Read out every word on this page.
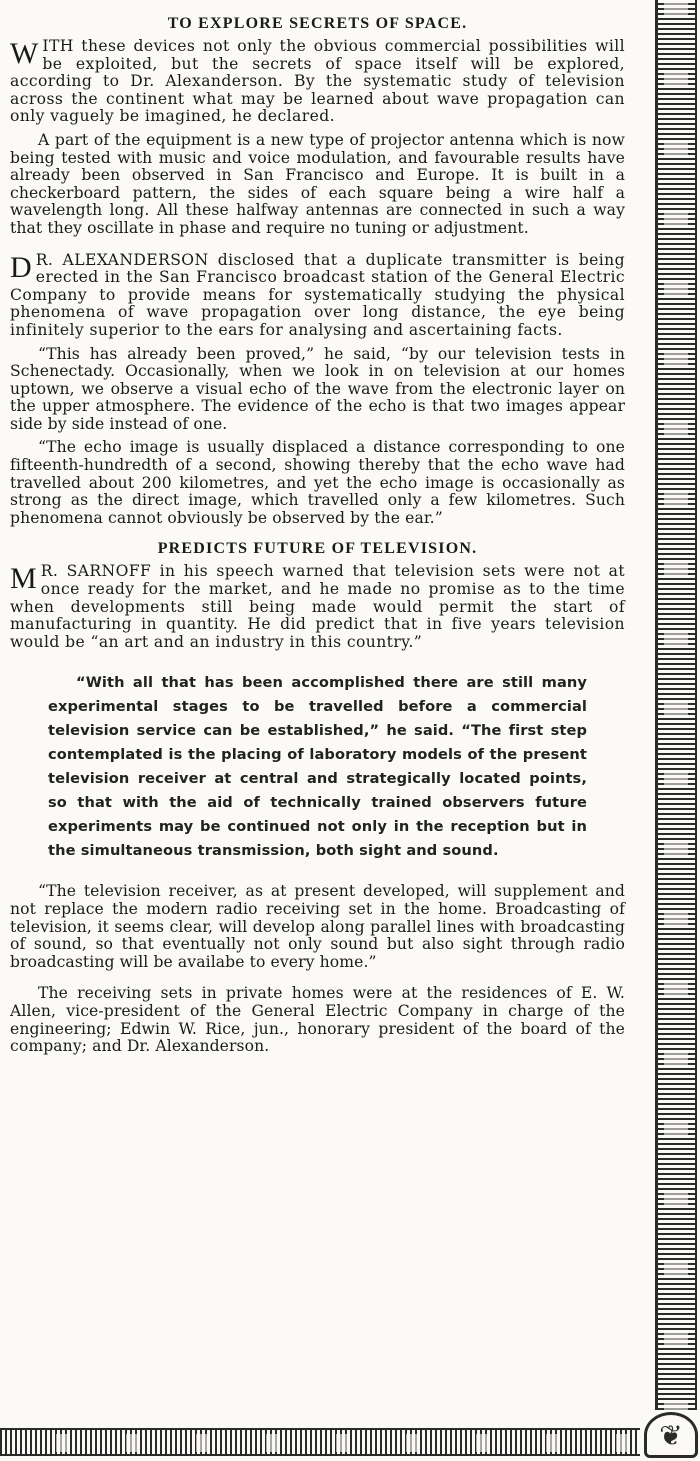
TO EXPLORE SECRETS OF SPACE.

WITH these devices not only the obvious commercial possibilities will be exploited, but the secrets of space itself will be explored, according to Dr. Alexanderson. By the systematic study of television across the continent what may be learned about wave propagation can only vaguely be imagined, he declared.

A part of the equipment is a new type of projector antenna which is now being tested with music and voice modulation, and favourable results have already been observed in San Francisco and Europe. It is built in a checkerboard pattern, the sides of each square being a wire half a wavelength long. All these halfway antennas are connected in such a way that they oscillate in phase and require no tuning or adjustment.

D R. ALEXANDERSON disclosed that a duplicate transmitter is being erected in the San Francisco broadcast station of the General Electric Company to provide means for systematically studying the physical phenomena of wave propagation over long distance, the eye being infinitely superior to the ears for analysing and ascertaining facts.

“This has already been proved,” he said, “by our television tests in Schenectady. Occasionally, when we look in on television at our homes uptown, we observe a visual echo of the wave from the electronic layer on the upper atmosphere. The evidence of the echo is that two images appear side by side instead of one.

“The echo image is usually displaced a distance corresponding to one fifteenth-hundredth of a second, showing thereby that the echo wave had travelled about 200 kilometres, and yet the echo image is occasionally as strong as the direct image, which travelled only a few kilometres. Such phenomena cannot obviously be observed by the ear.”

PREDICTS FUTURE OF TELEVISION.

M R. SARNOFF in his speech warned that television sets were not at once ready for the market, and he made no promise as to the time when developments still being made would permit the start of manufacturing in quantity. He did predict that in five years television would be “an art and an industry in this country.”

“With all that has been accomplished there are still many experimental stages to be travelled before a commercial television service can be established,” he said. “The first step contemplated is the placing of laboratory models of the present television receiver at central and strategically located points, so that with the aid of technically trained observers future experiments may be continued not only in the reception but in the simultaneous transmission, both sight and sound.

“The television receiver, as at present developed, will supplement and not replace the modern radio receiving set in the home. Broadcasting of television, it seems clear, will develop along parallel lines with broadcasting of sound, so that eventually not only sound but also sight through radio broadcasting will be availabe to every home.”

The receiving sets in private homes were at the residences of E. W. Allen, vice-president of the General Electric Company in charge of the engineering; Edwin W. Rice, jun., honorary president of the board of the company; and Dr. Alexanderson.

❦
